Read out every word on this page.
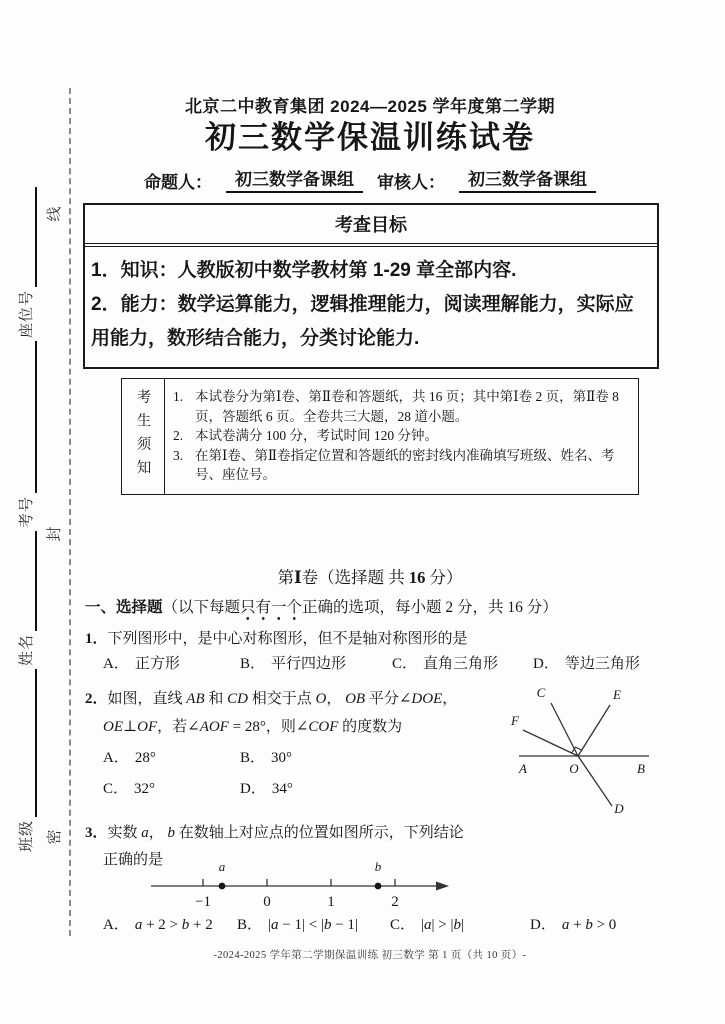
线
封
密
班级
姓名
考号
座位号
北京二中教育集团 2024—2025 学年度第二学期
初三数学保温训练试卷
命题人：	初三数学备课组	审核人：	初三数学备课组
考查目标
1．知识：人教版初中数学教材第 1-29 章全部内容.
2．能力：数学运算能力，逻辑推理能力，阅读理解能力，实际应用能力，数形结合能力，分类讨论能力.
考生须知 1. 本试卷分为第Ⅰ卷、第Ⅱ卷和答题纸，共 16 页；其中第Ⅰ卷 2 页，第Ⅱ卷 8 页，答题纸 6 页。全卷共三大题，28 道小题。
2. 本试卷满分 100 分，考试时间 120 分钟。
3. 在第Ⅰ卷、第Ⅱ卷指定位置和答题纸的密封线内准确填写班级、姓名、考号、座位号。
第Ⅰ卷（选择题 共 16 分）
一、选择题（以下每题只有一个正确的选项，每小题 2 分，共 16 分）
1．下列图形中，是中心对称图形，但不是轴对称图形的是
A． 正方形	B． 平行四边形	C． 直角三角形 D． 等边三角形
2．如图，直线 AB 和 CD 相交于点 O， OB 平分∠DOE，
OE⊥OF，若∠AOF = 28°，则∠COF 的度数为
A． 28°	B． 30°
C． 32°	D． 34°
C	E
F
A	O	B
D
3．实数 a， b 在数轴上对应点的位置如图所示，下列结论
正确的是
−1	0	1	2
a	b
A． a + 2 > b + 2 B． |a − 1| < |b − 1| C． |a| > |b|	D． a + b > 0
-2024-2025 学年第二学期保温训练 初三数学 第 1 页（共 10 页）-
